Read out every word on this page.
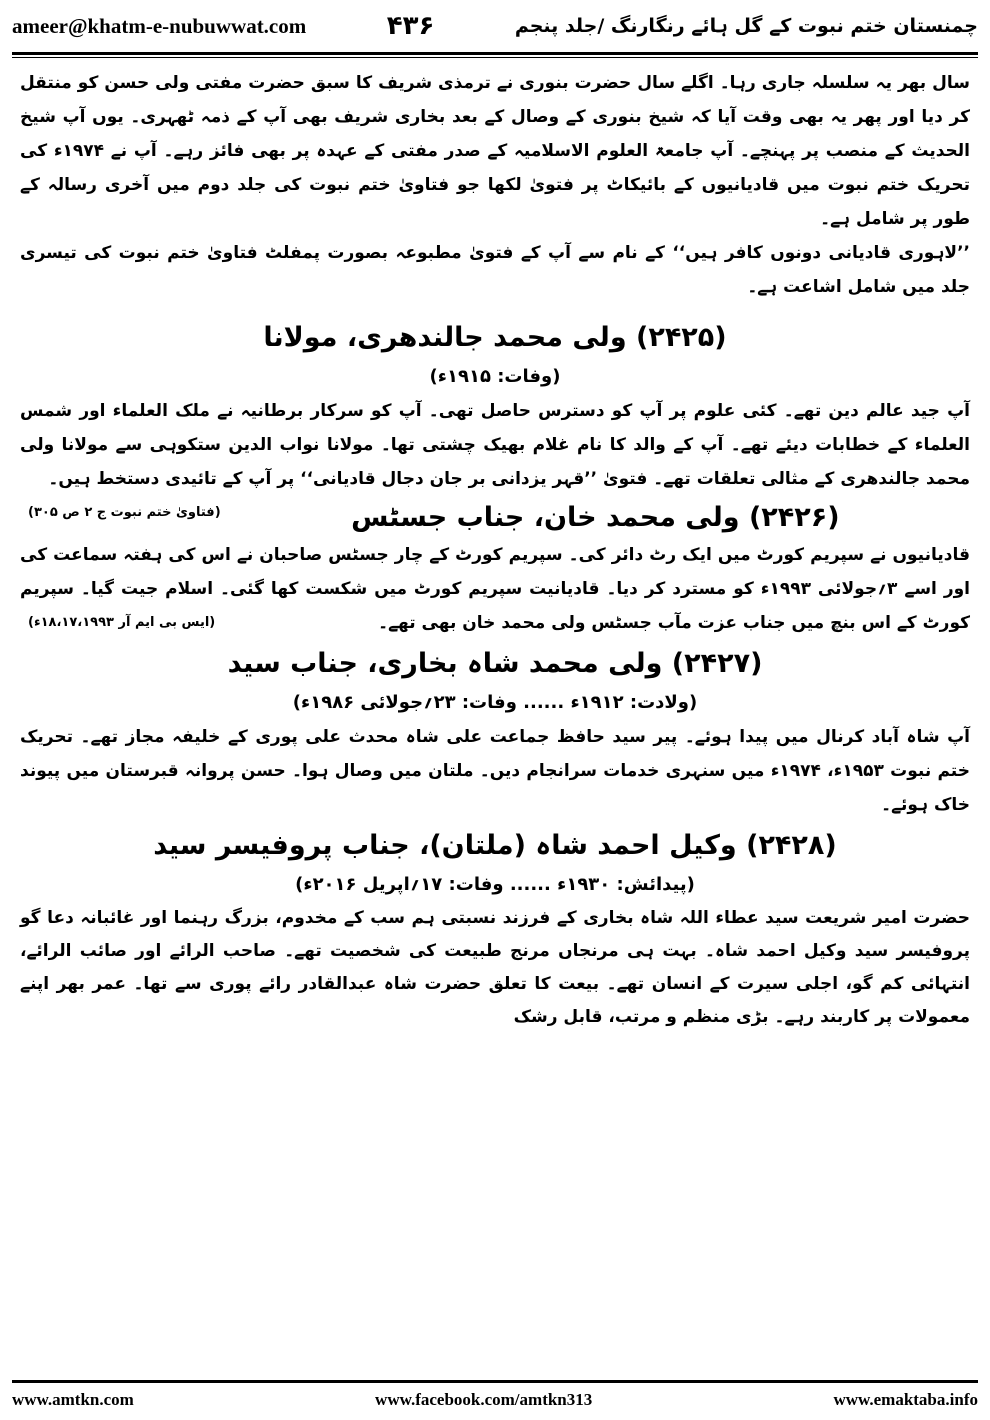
ameer@khatm-e-nubuwwat.com	۴۳۶	چمنستان ختم نبوت کے گل ہائے رنگارنگ /جلد پنجم

سال بھر یہ سلسلہ جاری رہا۔ اگلے سال حضرت بنوری نے ترمذی شریف کا سبق حضرت مفتی ولی حسن کو منتقل کر دیا اور پھر یہ بھی وقت آیا کہ شیخ بنوری کے وصال کے بعد بخاری شریف بھی آپ کے ذمہ ٹھہری۔ یوں آپ شیخ الحدیث کے منصب پر پہنچے۔ آپ جامعۃ العلوم الاسلامیہ کے صدر مفتی کے عہدہ پر بھی فائز رہے۔ آپ نے ۱۹۷۴ء کی تحریک ختم نبوت میں قادیانیوں کے بائیکاٹ پر فتویٰ لکھا جو فتاویٰ ختم نبوت کی جلد دوم میں آخری رسالہ کے طور پر شامل ہے۔

’’لاہوری قادیانی دونوں کافر ہیں‘‘ کے نام سے آپ کے فتویٰ مطبوعہ بصورت پمفلٹ فتاویٰ ختم نبوت کی تیسری جلد میں شامل اشاعت ہے۔

(۲۴۲۵) ولی محمد جالندھری، مولانا
(وفات: ۱۹۱۵ء)

آپ جید عالم دین تھے۔ کئی علوم پر آپ کو دسترس حاصل تھی۔ آپ کو سرکار برطانیہ نے ملک العلماء اور شمس العلماء کے خطابات دیئے تھے۔ آپ کے والد کا نام غلام بھیک چشتی تھا۔ مولانا نواب الدین ستکوہی سے مولانا ولی محمد جالندھری کے مثالی تعلقات تھے۔ فتویٰ ’’قہر یزدانی بر جان دجال قادیانی‘‘ پر آپ کے تائیدی دستخط ہیں۔
(فتاویٰ ختم نبوت ج ۲ ص ۳۰۵)	(۲۴۲۶) ولی محمد خان، جناب جسٹس

قادیانیوں نے سپریم کورٹ میں ایک رٹ دائر کی۔ سپریم کورٹ کے چار جسٹس صاحبان نے اس کی ہفتہ سماعت کی اور اسے ۳؍جولائی ۱۹۹۳ء کو مسترد کر دیا۔ قادیانیت سپریم کورٹ میں شکست کھا گئی۔ اسلام جیت گیا۔ سپریم کورٹ کے اس بنچ میں جناب عزت مآب جسٹس ولی محمد خان بھی تھے۔
(ایس بی ایم آر ۱۸،۱۷،۱۹۹۳ء)

(۲۴۲۷) ولی محمد شاہ بخاری، جناب سید
(ولادت: ۱۹۱۲ء ...... وفات: ۲۳؍جولائی ۱۹۸۶ء)

آپ شاہ آباد کرنال میں پیدا ہوئے۔ پیر سید حافظ جماعت علی شاہ محدث علی پوری کے خلیفہ مجاز تھے۔ تحریک ختم نبوت ۱۹۵۳ء، ۱۹۷۴ء میں سنہری خدمات سرانجام دیں۔ ملتان میں وصال ہوا۔ حسن پروانہ قبرستان میں پیوند خاک ہوئے۔

(۲۴۲۸) وکیل احمد شاہ (ملتان)، جناب پروفیسر سید
(پیدائش: ۱۹۳۰ء ...... وفات: ۱۷؍اپریل ۲۰۱۶ء)

حضرت امیر شریعت سید عطاء اللہ شاہ بخاری کے فرزند نسبتی ہم سب کے مخدوم، بزرگ رہنما اور غائبانہ دعا گو پروفیسر سید وکیل احمد شاہ۔ بہت ہی مرنجاں مرنج طبیعت کی شخصیت تھے۔ صاحب الرائے اور صائب الرائے، انتہائی کم گو، اجلی سیرت کے انسان تھے۔ بیعت کا تعلق حضرت شاہ عبدالقادر رائے پوری سے تھا۔ عمر بھر اپنے معمولات پر کاربند رہے۔ بڑی منظم و مرتب، قابل رشک

www.amtkn.com	www.facebook.com/amtkn313	www.emaktaba.info
